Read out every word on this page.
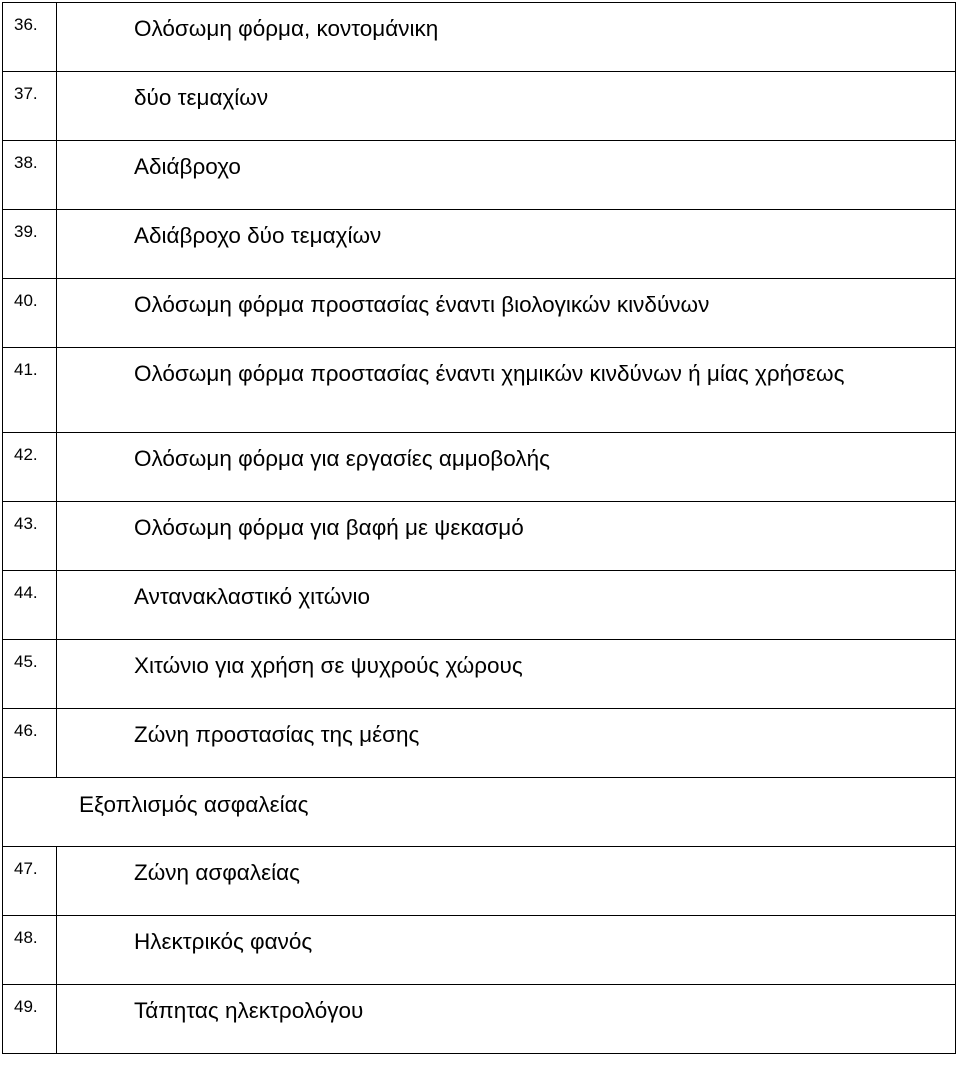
36.	Ολόσωμη φόρμα, κοντομάνικη
37.	δύο τεμαχίων
38.	Αδιάβροχο
39.	Αδιάβροχο δύο τεμαχίων
40.	Ολόσωμη φόρμα προστασίας έναντι βιολογικών κινδύνων
41.	Ολόσωμη φόρμα προστασίας έναντι χημικών κινδύνων ή μίας χρήσεως
42.	Ολόσωμη φόρμα για εργασίες αμμοβολής
43.	Ολόσωμη φόρμα για βαφή με ψεκασμό
44.	Αντανακλαστικό χιτώνιο
45.	Χιτώνιο για χρήση σε ψυχρούς χώρους
46.	Ζώνη προστασίας της μέσης
Εξοπλισμός ασφαλείας	
47.	Ζώνη ασφαλείας
48.	Ηλεκτρικός φανός
49.	Τάπητας ηλεκτρολόγου
